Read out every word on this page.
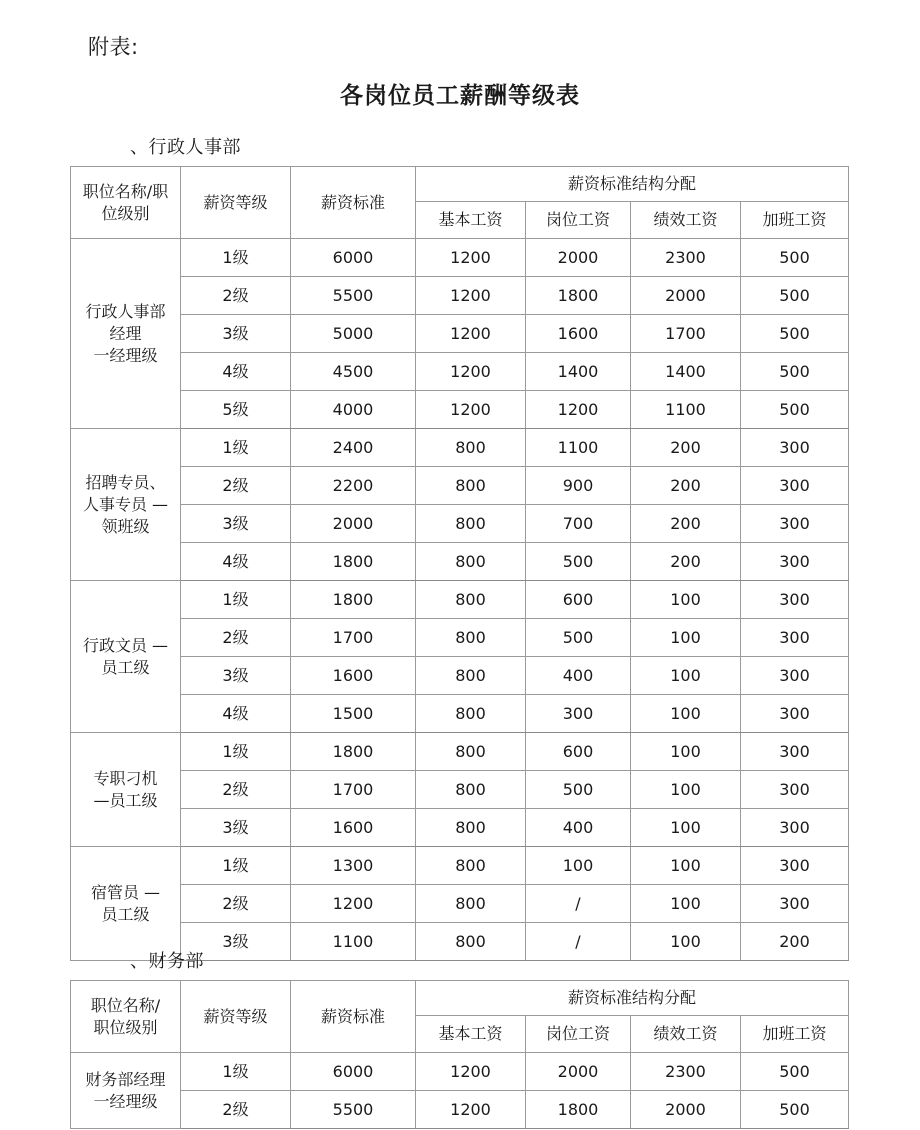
附表:
各岗位员工薪酬等级表
、行政人事部
职位名称/职
位级别	薪资等级	薪资标准	薪资标准结构分配			
			基本工资	岗位工资	绩效工资	加班工资

行政人事部
经理
一经理级	1级	6000	1200	2000	2300	500
	2级	5500	1200	1800	2000	500
	3级	5000	1200	1600	1700	500
	4级	4500	1200	1400	1400	500
	5级	4000	1200	1200	1100	500

招聘专员、
人事专员 —
领班级	1级	2400	800	1100	200	300
	2级	2200	800	900	200	300
	3级	2000	800	700	200	300
	4级	1800	800	500	200	300

行政文员 —
员工级	1级	1800	800	600	100	300
	2级	1700	800	500	100	300
	3级	1600	800	400	100	300
	4级	1500	800	300	100	300

专职刁机
—员工级	1级	1800	800	600	100	300
	2级	1700	800	500	100	300
	3级	1600	800	400	100	300

宿管员 —
员工级	1级	1300	800	100	100	300
	2级	1200	800	/	100	300
	3级	1100	800	/	100	200
、财务部
职位名称/
职位级别	薪资等级	薪资标准	薪资标准结构分配			
			基本工资	岗位工资	绩效工资	加班工资

财务部经理
一经理级	1级	6000	1200	2000	2300	500
	2级	5500	1200	1800	2000	500
